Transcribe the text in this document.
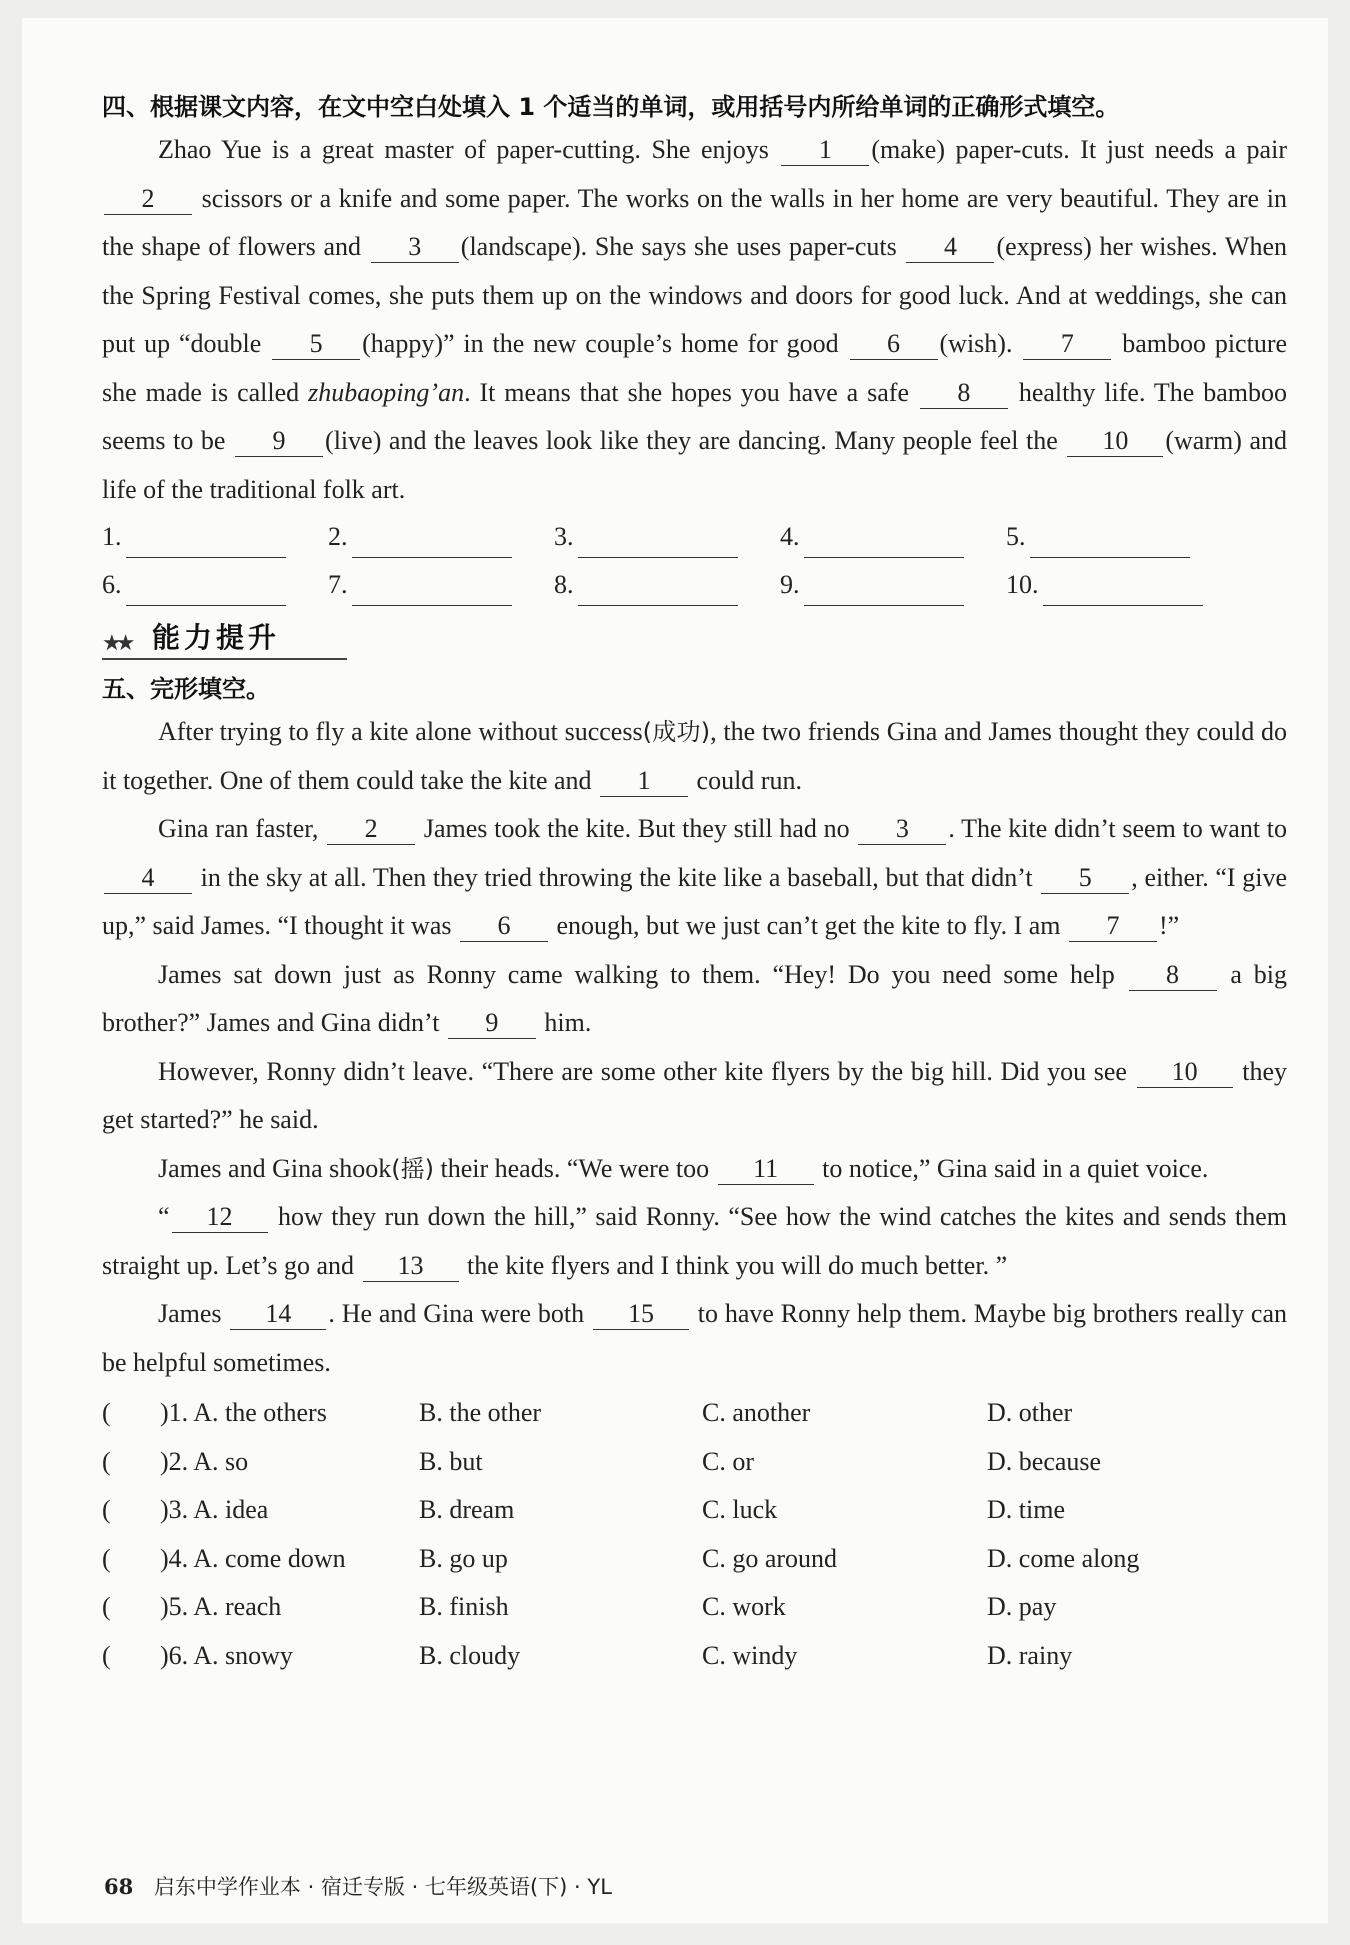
四、根据课文内容，在文中空白处填入 1 个适当的单词，或用括号内所给单词的正确形式填空。

Zhao Yue is a great master of paper-cutting. She enjoys 1 (make) paper-cuts. It just needs a pair 2 scissors or a knife and some paper. The works on the walls in her home are very beautiful. They are in the shape of flowers and 3 (landscape). She says she uses paper-cuts 4 (express) her wishes. When the Spring Festival comes, she puts them up on the windows and doors for good luck. And at weddings, she can put up “double 5 (happy)” in the new couple’s home for good 6 (wish). 7 bamboo picture she made is called zhubaoping’an. It means that she hopes you have a safe 8 healthy life. The bamboo seems to be 9 (live) and the leaves look like they are dancing. Many people feel the 10 (warm) and life of the traditional folk art.

1.	2.	3.	4.	5.
6.	7.	8.	9.	10.
★★ 能力提升

五、完形填空。

After trying to fly a kite alone without success(成功), the two friends Gina and James thought they could do it together. One of them could take the kite and 1 could run.

Gina ran faster, 2 James took the kite. But they still had no 3 . The kite didn’t seem to want to 4 in the sky at all. Then they tried throwing the kite like a baseball, but that didn’t 5 , either. “I give up,” said James. “I thought it was 6 enough, but we just can’t get the kite to fly. I am 7 !”

James sat down just as Ronny came walking to them. “Hey! Do you need some help 8 a big brother?” James and Gina didn’t 9 him.

However, Ronny didn’t leave. “There are some other kite flyers by the big hill. Did you see 10 they get started?” he said.

James and Gina shook(摇) their heads. “We were too 11 to notice,” Gina said in a quiet voice.

“ 12 how they run down the hill,” said Ronny. “See how the wind catches the kites and sends them straight up. Let’s go and 13 the kite flyers and I think you will do much better. ”

James 14 . He and Gina were both 15 to have Ronny help them. Maybe big brothers really can be helpful sometimes.

( )1. A. the others	B. the other	C. another	D. other
( )2. A. so	B. but	C. or	D. because
( )3. A. idea	B. dream	C. luck	D. time
( )4. A. come down	B. go up	C. go around	D. come along
( )5. A. reach	B. finish	C. work	D. pay
( )6. A. snowy	B. cloudy	C. windy	D. rainy
68 启东中学作业本 · 宿迁专版 · 七年级英语(下) · YL
